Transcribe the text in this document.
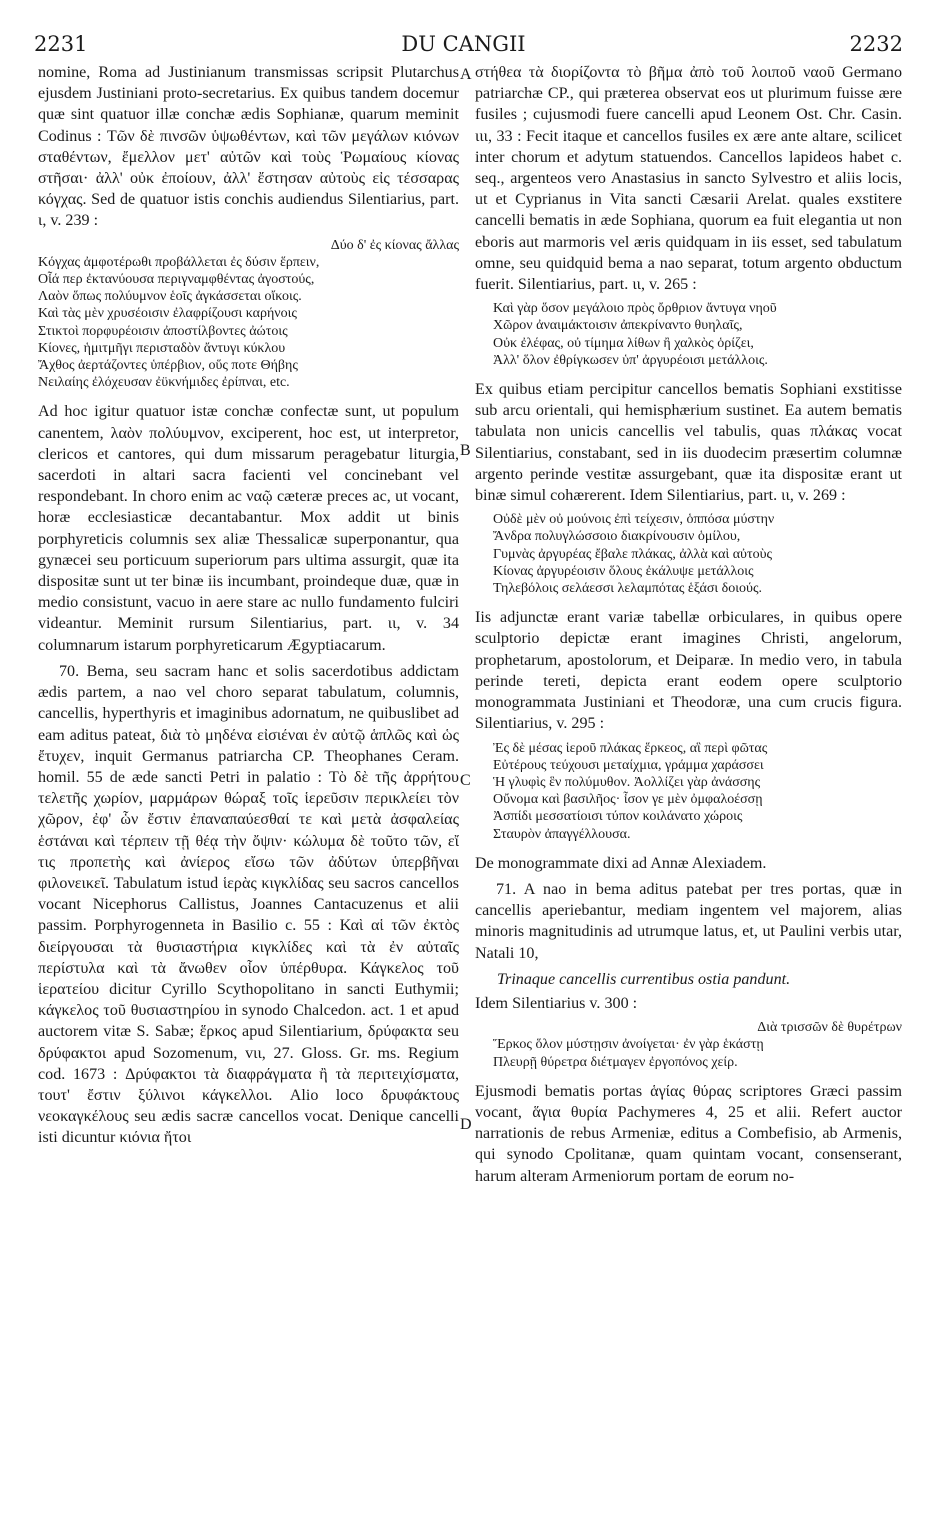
2231	DU CANGII	2232
A
B
C
D

nomine, Roma ad Justinianum transmissas scripsit Plutarchus ejusdem Justiniani proto-secretarius. Ex quibus tandem docemur quæ sint quatuor illæ conchæ ædis Sophianæ, quarum meminit Codinus : Τῶν δὲ πινσῶν ὑψωθέντων, καὶ τῶν μεγάλων κιόνων σταθέντων, ἔμελλον μετ' αὐτῶν καὶ τοὺς Ῥωμαίους κίονας στῆσαι· ἀλλ' οὐκ ἐποίουν, ἀλλ' ἔστησαν αὐτοὺς εἰς τέσσαρας κόγχας. Sed de quatuor istis conchis audiendus Silentiarius, part. ι, v. 239 :

Δύο δ' ἐς κίονας ἄλλας

Κόγχας ἀμφοτέρωθι προβάλλεται ἐς δύσιν ἕρπειν,

Οἷά περ ἐκτανύουσα περιγναμφθέντας ἀγοστούς,

Λαὸν ὅπως πολύυμνον ἑοῖς ἀγκάσσεται οἴκοις.

Καὶ τὰς μὲν χρυσέοισιν ἐλαφρίζουσι καρήνοις

Στικτοὶ πορφυρέοισιν ἀποστίλβοντες ἀώτοις

Κίονες, ἡμιτμῆγι περισταδὸν ἄντυγι κύκλου

Ἄχθος ἀερτάζοντες ὑπέρβιον, οὕς ποτε Θήβης

Νειλαίης ἐλόχευσαν ἐϋκνήμιδες ἐρίπναι, etc.

Ad hoc igitur quatuor istæ conchæ confectæ sunt, ut populum canentem, λαὸν πολύυμνον, exciperent, hoc est, ut interpretor, clericos et cantores, qui dum missarum peragebatur liturgia, sacerdoti in altari sacra facienti vel concinebant vel respondebant. In choro enim ac ναῷ cæteræ preces ac, ut vocant, horæ ecclesiasticæ decantabantur. Mox addit ut binis porphyreticis columnis sex aliæ Thessalicæ superponantur, qua gynæcei seu porticuum superiorum pars ultima assurgit, quæ ita dispositæ sunt ut ter binæ iis incumbant, proindeque duæ, quæ in medio consistunt, vacuo in aere stare ac nullo fundamento fulciri videantur. Meminit rursum Silentiarius, part. ιι, v. 34 columnarum istarum porphyreticarum Ægyptiacarum.

70. Bema, seu sacram hanc et solis sacerdotibus addictam ædis partem, a nao vel choro separat tabulatum, columnis, cancellis, hyperthyris et imaginibus adornatum, ne quibuslibet ad eam aditus pateat, διὰ τὸ μηδένα εἰσιέναι ἐν αὐτῷ ἁπλῶς καὶ ὡς ἔτυχεν, inquit Germanus patriarcha CP. Theophanes Ceram. homil. 55 de æde sancti Petri in palatio : Τὸ δὲ τῆς ἀρρήτου τελετῆς χωρίον, μαρμάρων θώραξ τοῖς ἱερεῦσιν περικλείει τὸν χῶρον, ἐφ' ὧν ἔστιν ἐπαναπαύεσθαί τε καὶ μετὰ ἀσφαλείας ἑστάναι καὶ τέρπειν τῇ θέᾳ τὴν ὄψιν· κώλυμα δὲ τοῦτο τῶν, εἴ τις προπετὴς καὶ ἀνίερος εἴσω τῶν ἀδύτων ὑπερβῆναι φιλονεικεῖ. Tabulatum istud ἱερὰς κιγκλίδας seu sacros cancellos vocant Nicephorus Callistus, Joannes Cantacuzenus et alii passim. Porphyrogenneta in Basilio c. 55 : Καὶ αἱ τῶν ἐκτὸς διείργουσαι τὰ θυσιαστήρια κιγκλίδες καὶ τὰ ἐν αὐταῖς περίστυλα καὶ τὰ ἄνωθεν οἷον ὑπέρθυρα. Κάγκελος τοῦ ἱερατείου dicitur Cyrillo Scythopolitano in sancti Euthymii; κάγκελος τοῦ θυσιαστηρίου in synodo Chalcedon. act. 1 et apud auctorem vitæ S. Sabæ; ἕρκος apud Silentiarium, δρύφακτα seu δρύφακτοι apud Sozomenum, vιι, 27. Gloss. Gr. ms. Regium cod. 1673 : Δρύφακτοι τὰ διαφράγματα ἢ τὰ περιτειχίσματα, τουτ' ἔστιν ξύλινοι κάγκελλοι. Alio loco δρυφάκτους νεοκαγκέλους seu ædis sacræ cancellos vocat. Denique cancelli isti dicuntur κιόνια ἤτοι

στήθεα τὰ διορίζοντα τὸ βῆμα ἀπὸ τοῦ λοιποῦ ναοῦ Germano patriarchæ CP., qui præterea observat eos ut plurimum fuisse ære fusiles ; cujusmodi fuere cancelli apud Leonem Ost. Chr. Casin. ιιι, 33 : Fecit itaque et cancellos fusiles ex ære ante altare, scilicet inter chorum et adytum statuendos. Cancellos lapideos habet c. seq., argenteos vero Anastasius in sancto Sylvestro et aliis locis, ut et Cyprianus in Vita sancti Cæsarii Arelat. quales exstitere cancelli bematis in æde Sophiana, quorum ea fuit elegantia ut non eboris aut marmoris vel æris quidquam in iis esset, sed tabulatum omne, seu quidquid bema a nao separat, totum argento obductum fuerit. Silentiarius, part. ιι, v. 265 :

Καὶ γὰρ ὅσον μεγάλοιο πρὸς ὄρθριον ἄντυγα νηοῦ

Χῶρον ἀναιμάκτοισιν ἀπεκρίναντο θυηλαῖς,

Οὐκ ἐλέφας, οὐ τίμημα λίθων ἢ χαλκὸς ὁρίζει,

Ἀλλ' ὅλον ἐθρίγκωσεν ὑπ' ἀργυρέοισι μετάλλοις.

Ex quibus etiam percipitur cancellos bematis Sophiani exstitisse sub arcu orientali, qui hemisphærium sustinet. Ea autem bematis tabulata non unicis cancellis vel tabulis, quas πλάκας vocat Silentiarius, constabant, sed in iis duodecim præsertim columnæ argento perinde vestitæ assurgebant, quæ ita dispositæ erant ut binæ simul cohærerent. Idem Silentiarius, part. ιι, v. 269 :

Οὐδὲ μὲν οὐ μούνοις ἐπὶ τείχεσιν, ὁππόσα μύστην

Ἄνδρα πολυγλώσσοιο διακρίνουσιν ὁμίλου,

Γυμνὰς ἀργυρέας ἔβαλε πλάκας, ἀλλὰ καὶ αὐτοὺς

Κίονας ἀργυρέοισιν ὅλους ἐκάλυψε μετάλλοις

Τηλεβόλοις σελάεσσι λελαμπότας ἑξάσι δοιούς.

Iis adjunctæ erant variæ tabellæ orbiculares, in quibus opere sculptorio depictæ erant imagines Christi, angelorum, prophetarum, apostolorum, et Deiparæ. In medio vero, in tabula perinde tereti, depicta erant eodem opere sculptorio monogrammata Justiniani et Theodoræ, una cum crucis figura. Silentiarius, v. 295 :

Ἐς δὲ μέσας ἱεροῦ πλάκας ἕρκεος, αἳ περὶ φῶτας

Εὐτέρους τεύχουσι μεταίχμια, γράμμα χαράσσει

Ἡ γλυφὶς ἓν πολύμυθον. Ἀολλίζει γὰρ ἀνάσσης

Οὔνομα καὶ βασιλῆος· ἶσον γε μὲν ὀμφαλοέσσῃ

Ἀσπίδι μεσσατίοισι τύπον κοιλάνατο χώροις

Σταυρὸν ἀπαγγέλλουσα.

De monogrammate dixi ad Annæ Alexiadem.

71. A nao in bema aditus patebat per tres portas, quæ in cancellis aperiebantur, mediam ingentem vel majorem, alias minoris magnitudinis ad utrumque latus, et, ut Paulini verbis utar, Natali 10,

Trinaque cancellis currentibus ostia pandunt.

Idem Silentiarius v. 300 :

Διὰ τρισσῶν δὲ θυρέτρων

Ἕρκος ὅλον μύστῃσιν ἀνοίγεται· ἐν γὰρ ἑκάστῃ

Πλευρῇ θύρετρα διέτμαγεν ἐργοπόνος χείρ.

Ejusmodi bematis portas ἁγίας θύρας scriptores Græci passim vocant, ἅγια θυρία Pachymeres 4, 25 et alii. Refert auctor narrationis de rebus Armeniæ, editus a Combefisio, ab Armenis, qui synodo Cpolitanæ, quam quintam vocant, consenserant, harum alteram Armeniorum portam de eorum no-
